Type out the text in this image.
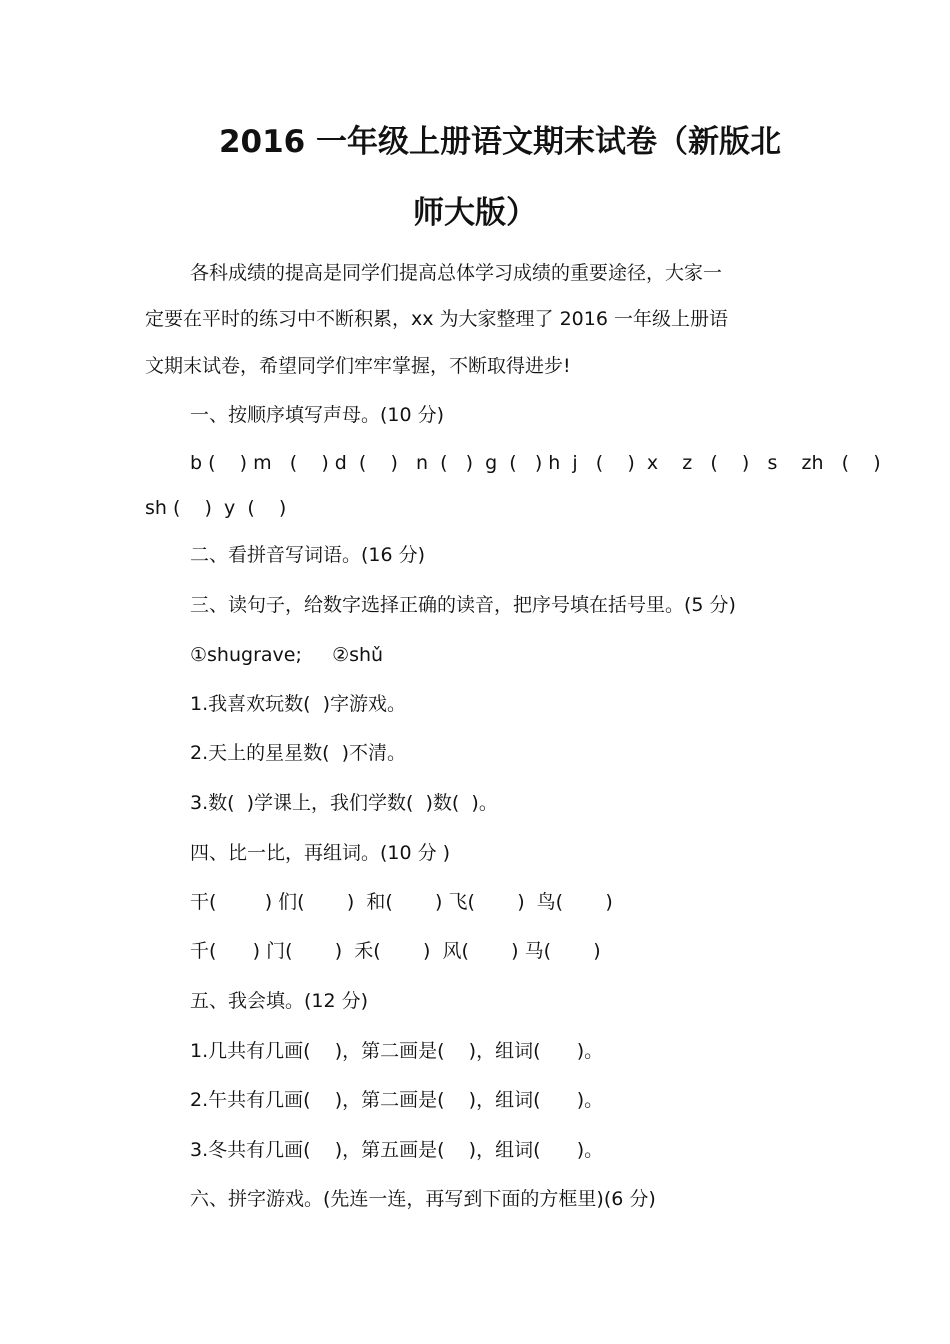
2016 一年级上册语文期末试卷（新版北
师大版）

各科成绩的提高是同学们提高总体学习成绩的重要途径，大家一

定要在平时的练习中不断积累，xx 为大家整理了 2016 一年级上册语

文期末试卷，希望同学们牢牢掌握，不断取得进步!

一、按顺序填写声母。(10 分)

b (    ) m   (    ) d  (    )   n  (   )  g  (   ) h  j   (    )  x    z   (    )   s    zh   (    )

sh (    )  y  (    )

二、看拼音写词语。(16 分)

三、读句子，给数字选择正确的读音，把序号填在括号里。(5 分)

①shugrave;     ②shǔ

1.我喜欢玩数(  )字游戏。

2.天上的星星数(  )不清。

3.数(  )学课上，我们学数(  )数(  )。

四、比一比，再组词。(10 分 )

干(        ) 们(       )  和(       ) 飞(       )  鸟(       )

千(      ) 门(       )  禾(       )  风(       ) 马(       )

五、我会填。(12 分)

1.几共有几画(    )，第二画是(    )，组词(      )。

2.午共有几画(    )，第二画是(    )，组词(      )。

3.冬共有几画(    )，第五画是(    )，组词(      )。

六、拼字游戏。(先连一连，再写到下面的方框里)(6 分)
